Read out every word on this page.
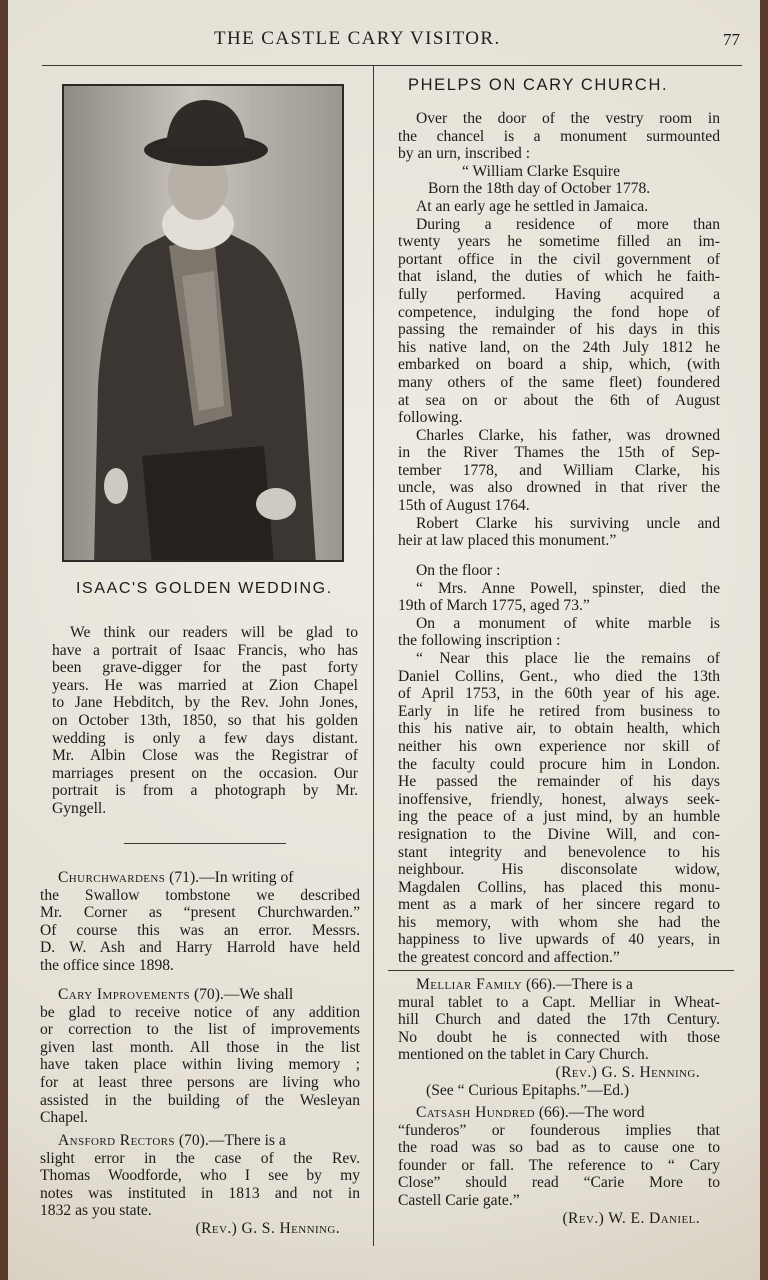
THE CASTLE CARY VISITOR.	77
ISAAC'S GOLDEN WEDDING.
We think our readers will be glad to
have a portrait of Isaac Francis, who has
been grave-digger for the past forty
years. He was married at Zion Chapel
to Jane Hebditch, by the Rev. John Jones,
on October 13th, 1850, so that his golden
wedding is only a few days distant.
Mr. Albin Close was the Registrar of
marriages present on the occasion. Our
portrait is from a photograph by Mr.
Gyngell.
Churchwardens (71).—In writing of
the Swallow tombstone we described
Mr. Corner as “present Churchwarden.”
Of course this was an error. Messrs.
D. W. Ash and Harry Harrold have held
the office since 1898.
Cary Improvements (70).—We shall
be glad to receive notice of any addition
or correction to the list of improvements
given last month. All those in the list
have taken place within living memory ;
for at least three persons are living who
assisted in the building of the Wesleyan
Chapel.
Ansford Rectors (70).—There is a
slight error in the case of the Rev.
Thomas Woodforde, who I see by my
notes was instituted in 1813 and not in
1832 as you state.
(Rev.) G. S. Henning.
PHELPS ON CARY CHURCH.
Over the door of the vestry room in
the chancel is a monument surmounted
by an urn, inscribed :
“ William Clarke Esquire
Born the 18th day of October 1778.
At an early age he settled in Jamaica.
During a residence of more than
twenty years he sometime filled an im-
portant office in the civil government of
that island, the duties of which he faith-
fully performed. Having acquired a
competence, indulging the fond hope of
passing the remainder of his days in this
his native land, on the 24th July 1812 he
embarked on board a ship, which, (with
many others of the same fleet) foundered
at sea on or about the 6th of August
following.
Charles Clarke, his father, was drowned
in the River Thames the 15th of Sep-
tember 1778, and William Clarke, his
uncle, was also drowned in that river the
15th of August 1764.
Robert Clarke his surviving uncle and
heir at law placed this monument.”
On the floor :
“ Mrs. Anne Powell, spinster, died the
19th of March 1775, aged 73.”
On a monument of white marble is
the following inscription :
“ Near this place lie the remains of
Daniel Collins, Gent., who died the 13th
of April 1753, in the 60th year of his age.
Early in life he retired from business to
this his native air, to obtain health, which
neither his own experience nor skill of
the faculty could procure him in London.
He passed the remainder of his days
inoffensive, friendly, honest, always seek-
ing the peace of a just mind, by an humble
resignation to the Divine Will, and con-
stant integrity and benevolence to his
neighbour. His disconsolate widow,
Magdalen Collins, has placed this monu-
ment as a mark of her sincere regard to
his memory, with whom she had the
happiness to live upwards of 40 years, in
the greatest concord and affection.”
Melliar Family (66).—There is a
mural tablet to a Capt. Melliar in Wheat-
hill Church and dated the 17th Century.
No doubt he is connected with those
mentioned on the tablet in Cary Church.
(Rev.) G. S. Henning.
(See “ Curious Epitaphs.”—Ed.)
Catsash Hundred (66).—The word
“funderos” or founderous implies that
the road was so bad as to cause one to
founder or fall. The reference to “ Cary
Close” should read “Carie More to
Castell Carie gate.”
(Rev.) W. E. Daniel.
